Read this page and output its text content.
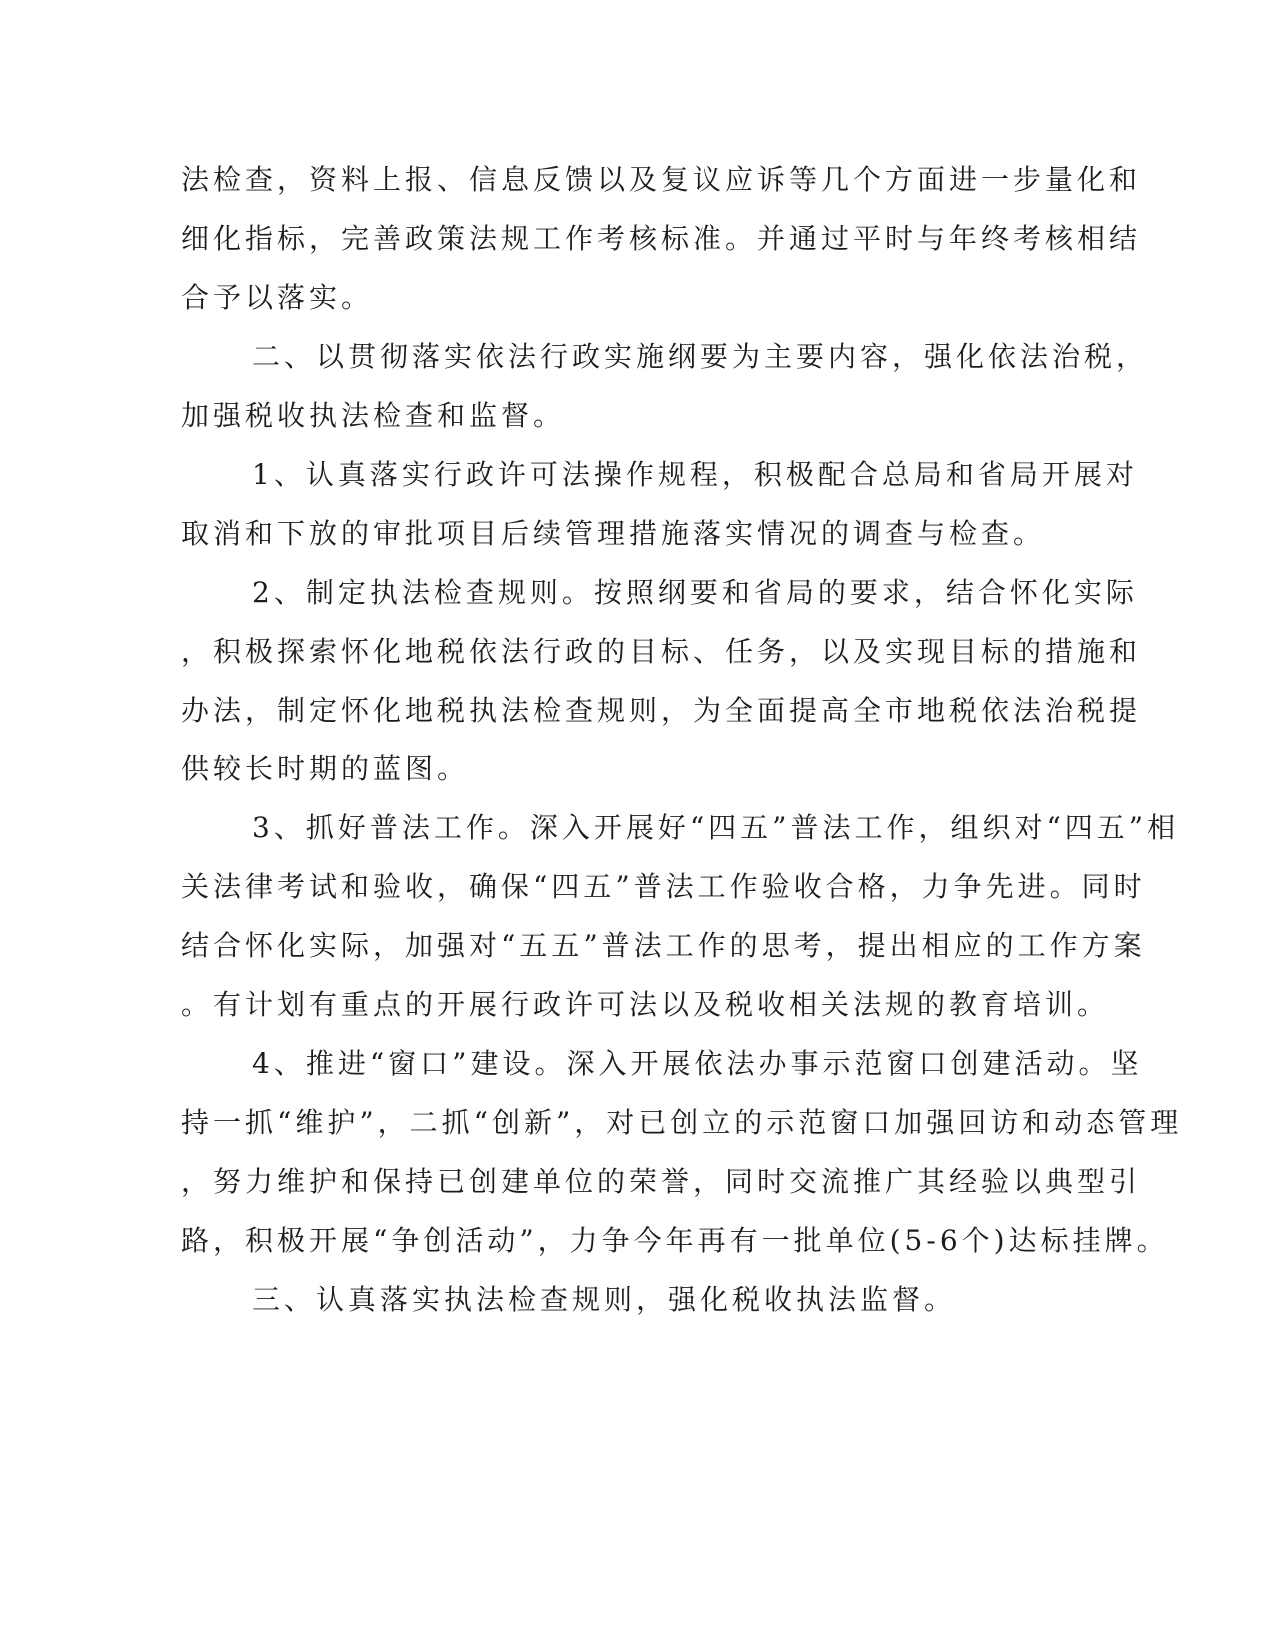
法检查，资料上报、信息反馈以及复议应诉等几个方面进一步量化和
细化指标，完善政策法规工作考核标准。并通过平时与年终考核相结
合予以落实。
二、以贯彻落实依法行政实施纲要为主要内容，强化依法治税，
加强税收执法检查和监督。
1、认真落实行政许可法操作规程，积极配合总局和省局开展对
取消和下放的审批项目后续管理措施落实情况的调查与检查。
2、制定执法检查规则。按照纲要和省局的要求，结合怀化实际
，积极探索怀化地税依法行政的目标、任务，以及实现目标的措施和
办法，制定怀化地税执法检查规则，为全面提高全市地税依法治税提
供较长时期的蓝图。
3、抓好普法工作。深入开展好“四五”普法工作，组织对“四五”相
关法律考试和验收，确保“四五”普法工作验收合格，力争先进。同时
结合怀化实际，加强对“五五”普法工作的思考，提出相应的工作方案
。有计划有重点的开展行政许可法以及税收相关法规的教育培训。
4、推进“窗口”建设。深入开展依法办事示范窗口创建活动。坚
持一抓“维护”，二抓“创新”，对已创立的示范窗口加强回访和动态管理
，努力维护和保持已创建单位的荣誉，同时交流推广其经验以典型引
路，积极开展“争创活动”，力争今年再有一批单位(5-6个)达标挂牌。
三、认真落实执法检查规则，强化税收执法监督。
